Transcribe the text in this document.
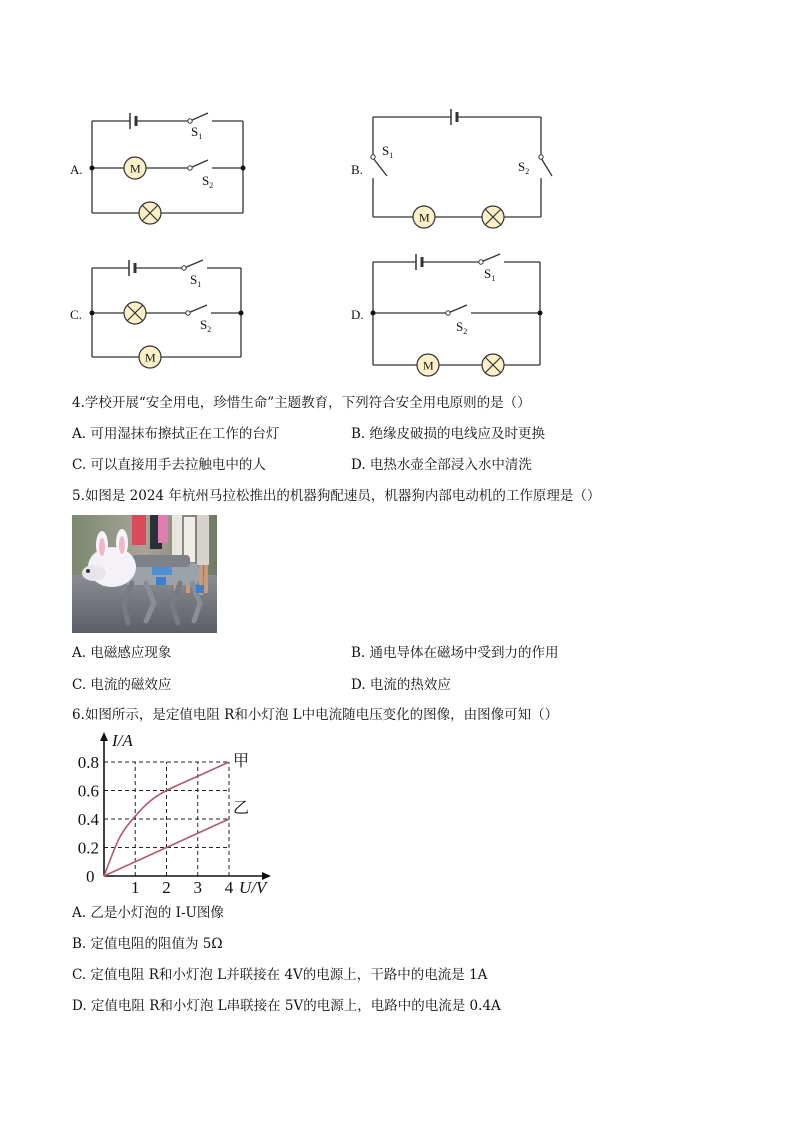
A.	M
$S_1$
$S_2$
B.
M
$S_1$
$S_2$
C.
M
$S_1$
$S_2$
D.
M
$S_1$
$S_2$
4.学校开展“安全用电，珍惜生命”主题教育，下列符合安全用电原则的是（）
A. 可用湿抹布擦拭正在工作的台灯	B. 绝缘皮破损的电线应及时更换
C. 可以直接用手去拉触电中的人	D. 电热水壶全部浸入水中清洗
5.如图是 2024 年杭州马拉松推出的机器狗配速员，机器狗内部电动机的工作原理是（）
A. 电磁感应现象	B. 通电导体在磁场中受到力的作用
C. 电流的磁效应	D. 电流的热效应
6.如图所示，是定值电阻 R和小灯泡 L中电流随电压变化的图像，由图像可知（）
甲
乙
1 2 3 4
0.2
0.4
0.6
0.8
I/A
U/V
0
A. 乙是小灯泡的 I-U图像
B. 定值电阻的阻值为 5Ω
C. 定值电阻 R和小灯泡 L并联接在 4V的电源上，干路中的电流是 1A
D. 定值电阻 R和小灯泡 L串联接在 5V的电源上，电路中的电流是 0.4A
